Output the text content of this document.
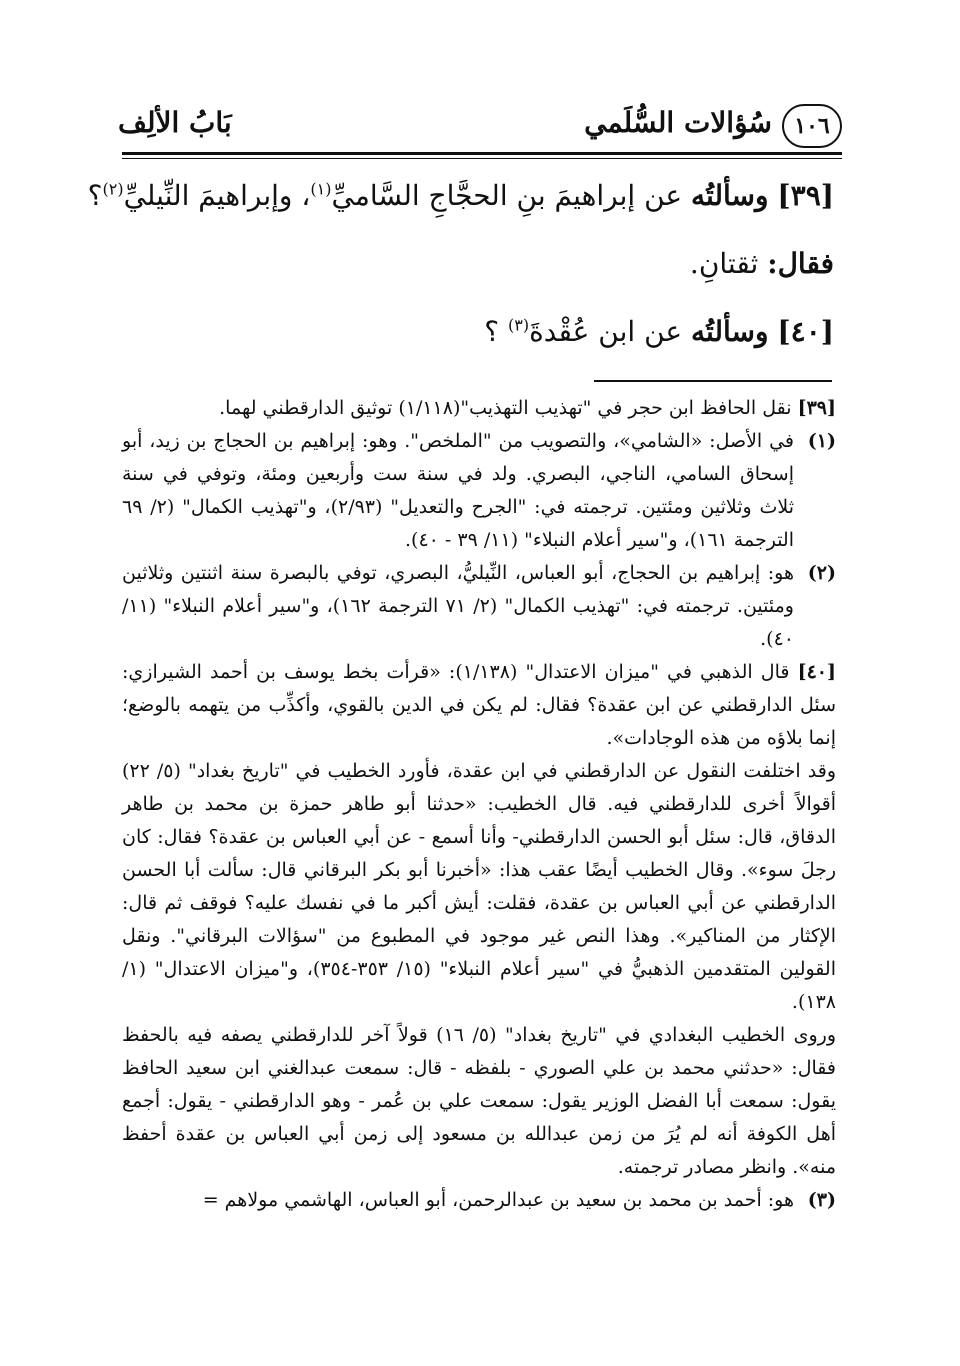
١٠٦
سُؤالات السُّلَمي
بَابُ الألِف
[٣٩] وسألتُه عن إبراهيمَ بنِ الحجَّاجِ السَّاميِّ$^{(١)}$، وإبراهيمَ النِّيليِّ$^{(٢)}$؟
فقال: ثقتانِ.
[٤٠] وسألتُه عن ابن عُقْدةَ$^{(٣)}$ ؟

[٣٩] نقل الحافظ ابن حجر في "تهذيب التهذيب"(١/١١٨) توثيق الدارقطني لهما.

(١)

في الأصل: «الشامي»، والتصويب من "الملخص". وهو: إبراهيم بن الحجاج بن زيد، أبو إسحاق السامي، الناجي، البصري. ولد في سنة ست وأربعين ومئة، وتوفي في سنة ثلاث وثلاثين ومئتين. ترجمته في: "الجرح والتعديل" (٢/٩٣)، و"تهذيب الكمال" (٢/ ٦٩ الترجمة ١٦١)، و"سير أعلام النبلاء" (١١/ ٣٩ - ٤٠).

(٢)

هو: إبراهيم بن الحجاج، أبو العباس، النِّيليُّ، البصري، توفي بالبصرة سنة اثنتين وثلاثين ومئتين. ترجمته في: "تهذيب الكمال" (٢/ ٧١ الترجمة ١٦٢)، و"سير أعلام النبلاء" (١١/ ٤٠).

[٤٠] قال الذهبي في "ميزان الاعتدال" (١/١٣٨): «قرأت بخط يوسف بن أحمد الشيرازي: سئل الدارقطني عن ابن عقدة؟ فقال: لم يكن في الدين بالقوي، وأكذِّب من يتهمه بالوضع؛ إنما بلاؤه من هذه الوجادات».

وقد اختلفت النقول عن الدارقطني في ابن عقدة، فأورد الخطيب في "تاريخ بغداد" (٥/ ٢٢) أقوالاً أخرى للدارقطني فيه. قال الخطيب: «حدثنا أبو طاهر حمزة بن محمد بن طاهر الدقاق، قال: سئل أبو الحسن الدارقطني- وأنا أسمع - عن أبي العباس بن عقدة؟ فقال: كان رجلَ سوء». وقال الخطيب أيضًا عقب هذا: «أخبرنا أبو بكر البرقاني قال: سألت أبا الحسن الدارقطني عن أبي العباس بن عقدة، فقلت: أيش أكبر ما في نفسك عليه؟ فوقف ثم قال: الإكثار من المناكير». وهذا النص غير موجود في المطبوع من "سؤالات البرقاني". ونقل القولين المتقدمين الذهبيُّ في "سير أعلام النبلاء" (١٥/ ٣٥٣-٣٥٤)، و"ميزان الاعتدال" (١/ ١٣٨).

وروى الخطيب البغدادي في "تاريخ بغداد" (٥/ ١٦) قولاً آخر للدارقطني يصفه فيه بالحفظ فقال: «حدثني محمد بن علي الصوري - بلفظه - قال: سمعت عبدالغني ابن سعيد الحافظ يقول: سمعت أبا الفضل الوزير يقول: سمعت علي بن عُمر - وهو الدارقطني - يقول: أجمع أهل الكوفة أنه لم يُرَ من زمن عبدالله بن مسعود إلى زمن أبي العباس بن عقدة أحفظ منه». وانظر مصادر ترجمته.

(٣)

هو: أحمد بن محمد بن سعيد بن عبدالرحمن، أبو العباس، الهاشمي مولاهم =
